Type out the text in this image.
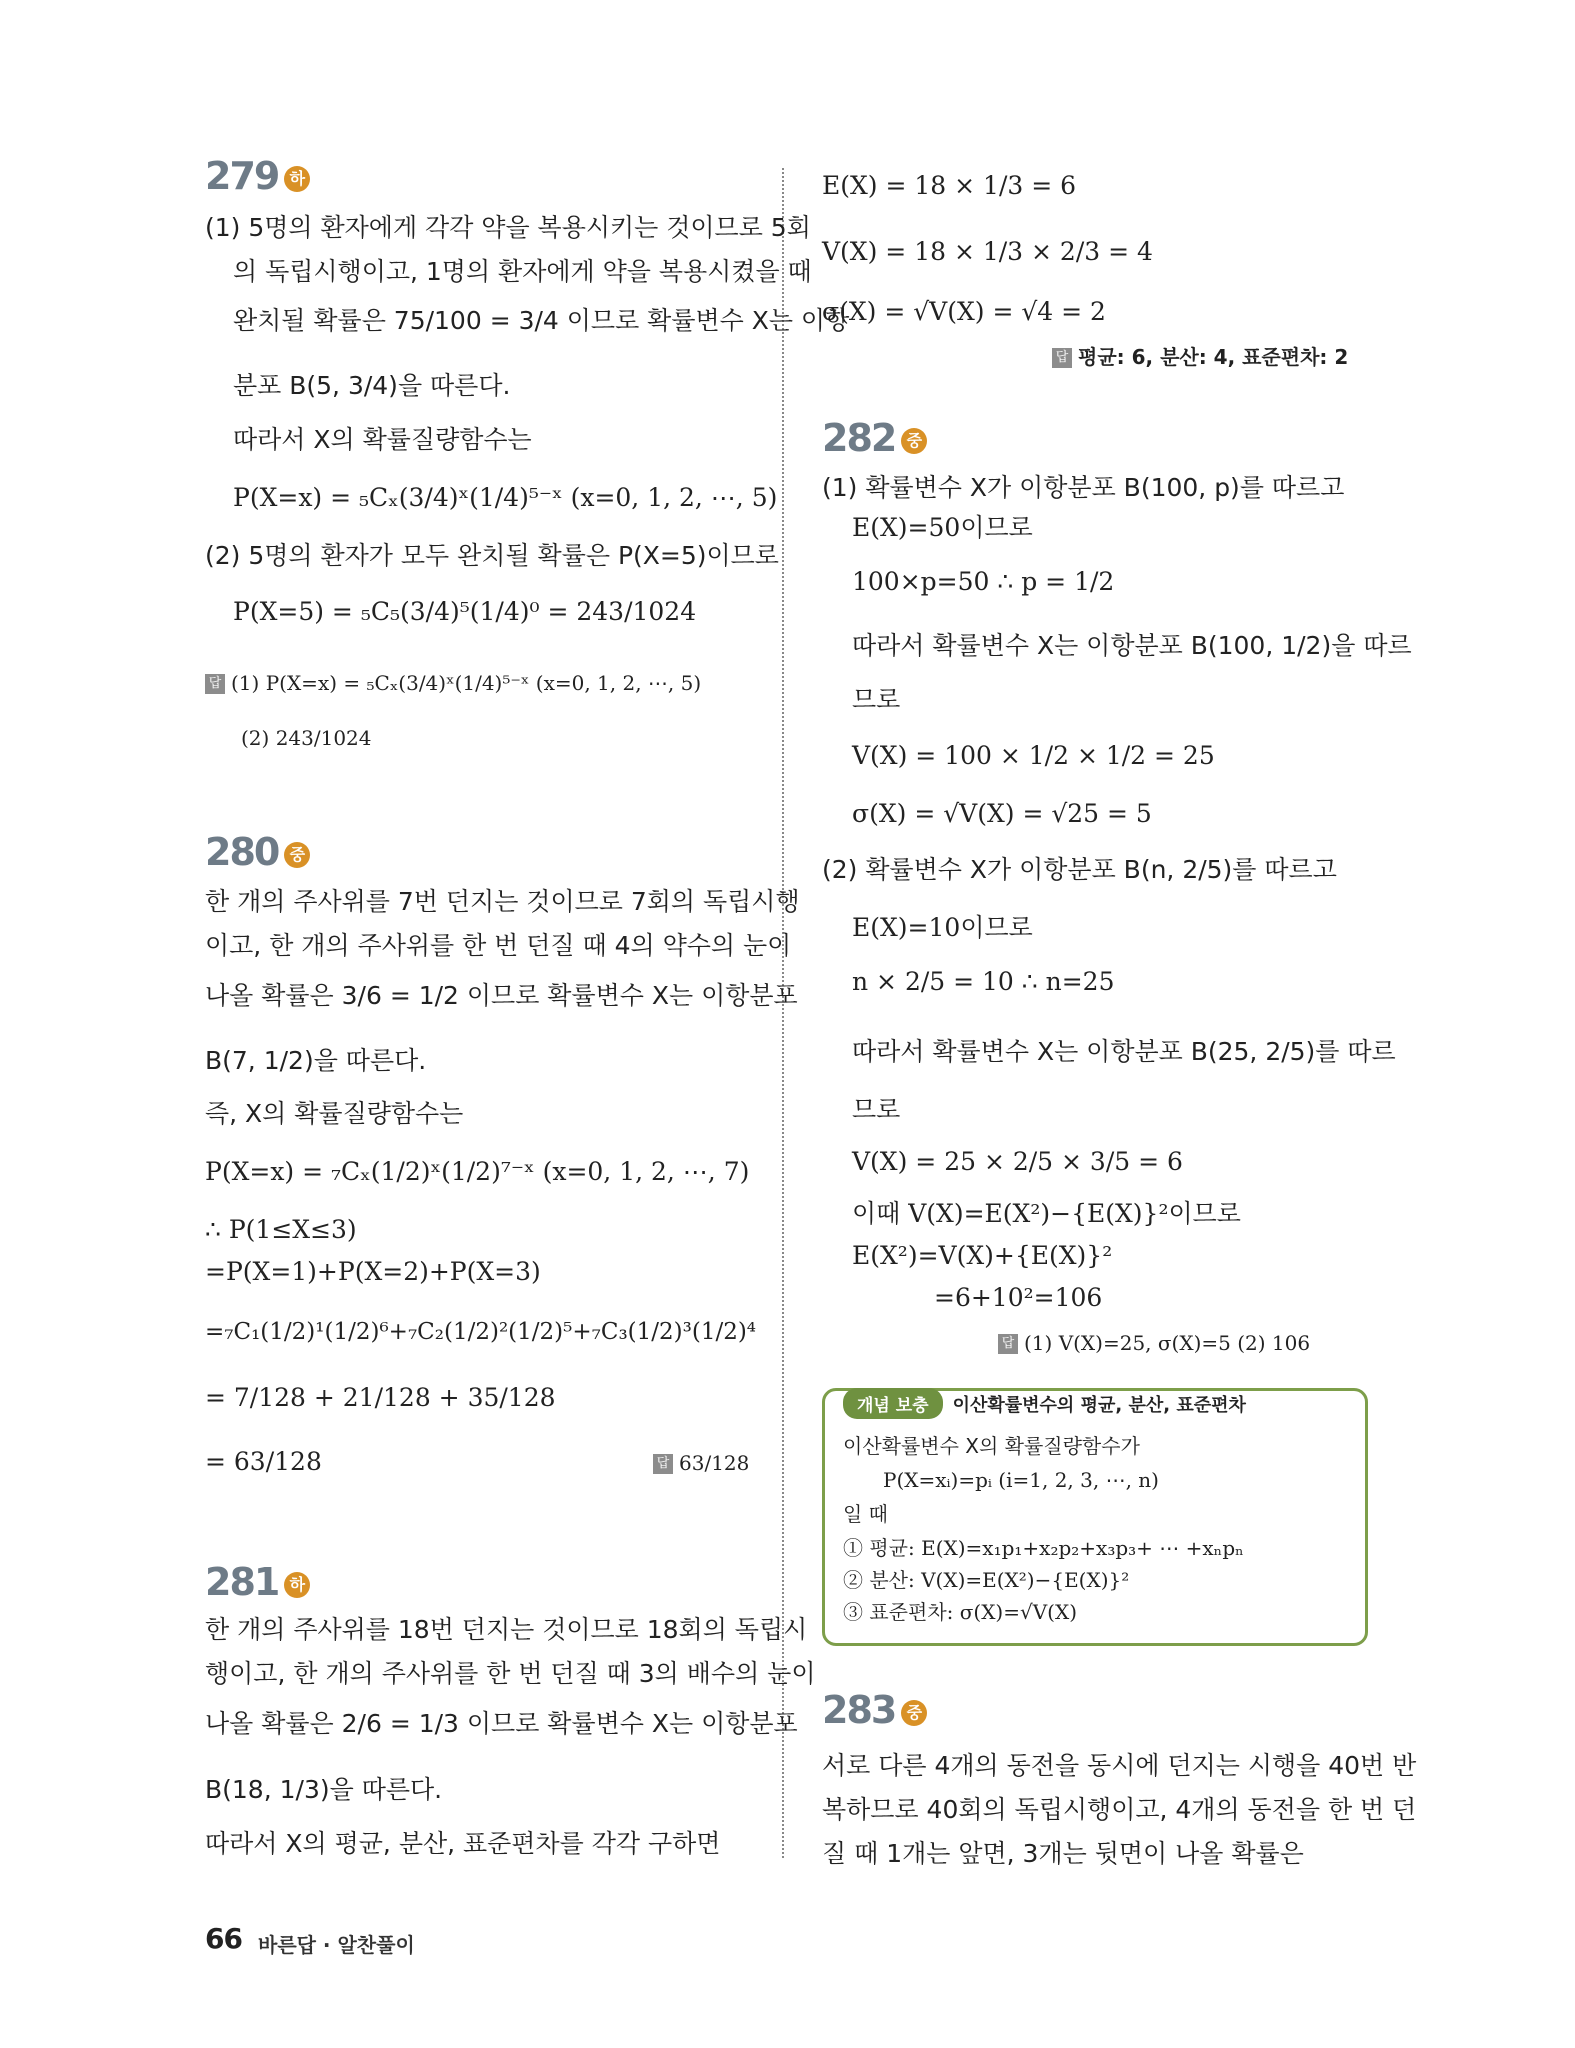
279 하
(1) 5명의 환자에게 각각 약을 복용시키는 것이므로 5회
의 독립시행이고, 1명의 환자에게 약을 복용시켰을 때
완치될 확률은 75/100 = 3/4 이므로 확률변수 X는 이항
분포 B(5, 3/4)을 따른다.
따라서 X의 확률질량함수는
P(X=x) = ₅Cₓ(3/4)ˣ(1/4)⁵⁻ˣ (x=0, 1, 2, ⋯, 5)
(2) 5명의 환자가 모두 완치될 확률은 P(X=5)이므로
P(X=5) = ₅C₅(3/4)⁵(1/4)⁰ = 243/1024
답 (1) P(X=x) = ₅Cₓ(3/4)ˣ(1/4)⁵⁻ˣ (x=0, 1, 2, ⋯, 5)
(2) 243/1024
280 중
한 개의 주사위를 7번 던지는 것이므로 7회의 독립시행
이고, 한 개의 주사위를 한 번 던질 때 4의 약수의 눈이
나올 확률은 3/6 = 1/2 이므로 확률변수 X는 이항분포
B(7, 1/2)을 따른다.
즉, X의 확률질량함수는
P(X=x) = ₇Cₓ(1/2)ˣ(1/2)⁷⁻ˣ (x=0, 1, 2, ⋯, 7)
∴ P(1≤X≤3)
=P(X=1)+P(X=2)+P(X=3)
=₇C₁(1/2)¹(1/2)⁶+₇C₂(1/2)²(1/2)⁵+₇C₃(1/2)³(1/2)⁴
= 7/128 + 21/128 + 35/128
= 63/128	답 63/128
281 하
한 개의 주사위를 18번 던지는 것이므로 18회의 독립시
행이고, 한 개의 주사위를 한 번 던질 때 3의 배수의 눈이
나올 확률은 2/6 = 1/3 이므로 확률변수 X는 이항분포
B(18, 1/3)을 따른다.
따라서 X의 평균, 분산, 표준편차를 각각 구하면
E(X) = 18 × 1/3 = 6
V(X) = 18 × 1/3 × 2/3 = 4
σ(X) = √V(X) = √4 = 2
답 평균: 6, 분산: 4, 표준편차: 2
282 중
(1) 확률변수 X가 이항분포 B(100, p)를 따르고
E(X)=50이므로
100×p=50 ∴ p = 1/2
따라서 확률변수 X는 이항분포 B(100, 1/2)을 따르
므로
V(X) = 100 × 1/2 × 1/2 = 25
σ(X) = √V(X) = √25 = 5
(2) 확률변수 X가 이항분포 B(n, 2/5)를 따르고
E(X)=10이므로
n × 2/5 = 10 ∴ n=25
따라서 확률변수 X는 이항분포 B(25, 2/5)를 따르
므로
V(X) = 25 × 2/5 × 3/5 = 6
이때 V(X)=E(X²)−{E(X)}²이므로
E(X²)=V(X)+{E(X)}²
=6+10²=106
답 (1) V(X)=25, σ(X)=5 (2) 106
283 중
서로 다른 4개의 동전을 동시에 던지는 시행을 40번 반
복하므로 40회의 독립시행이고, 4개의 동전을 한 번 던
질 때 1개는 앞면, 3개는 뒷면이 나올 확률은
개념 보충 이산확률변수의 평균, 분산, 표준편차
이산확률변수 X의 확률질량함수가
P(X=xᵢ)=pᵢ (i=1, 2, 3, ⋯, n)
일 때
① 평균: E(X)=x₁p₁+x₂p₂+x₃p₃+ ⋯ +xₙpₙ
② 분산: V(X)=E(X²)−{E(X)}²
③ 표준편차: σ(X)=√V(X)
66 바른답 · 알찬풀이
